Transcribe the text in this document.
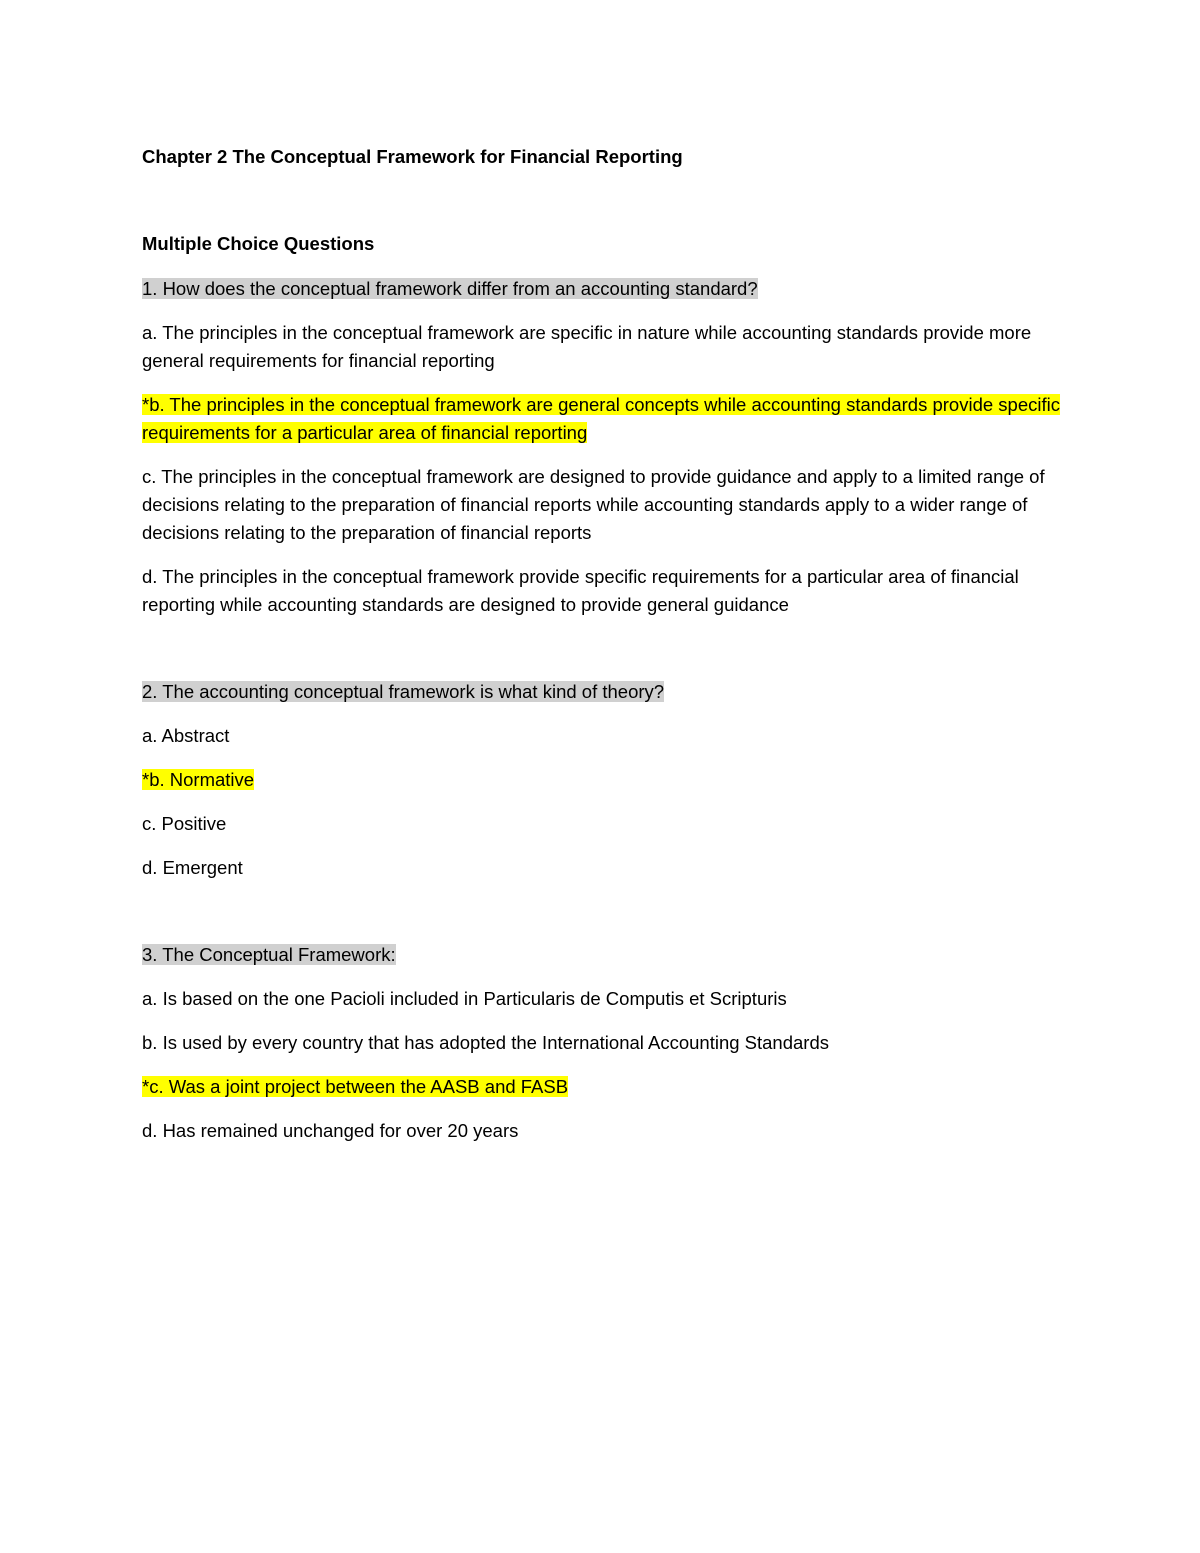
Chapter 2 The Conceptual Framework for Financial Reporting

Multiple Choice Questions

1. How does the conceptual framework differ from an accounting standard?

a. The principles in the conceptual framework are specific in nature while accounting standards provide more general requirements for financial reporting

*b. The principles in the conceptual framework are general concepts while accounting standards provide specific requirements for a particular area of financial reporting

c. The principles in the conceptual framework are designed to provide guidance and apply to a limited range of decisions relating to the preparation of financial reports while accounting standards apply to a wider range of decisions relating to the preparation of financial reports

d. The principles in the conceptual framework provide specific requirements for a particular area of financial reporting while accounting standards are designed to provide general guidance

2. The accounting conceptual framework is what kind of theory?

a. Abstract

*b. Normative

c. Positive

d. Emergent

3. The Conceptual Framework:

a. Is based on the one Pacioli included in Particularis de Computis et Scripturis

b. Is used by every country that has adopted the International Accounting Standards

*c. Was a joint project between the AASB and FASB

d. Has remained unchanged for over 20 years
